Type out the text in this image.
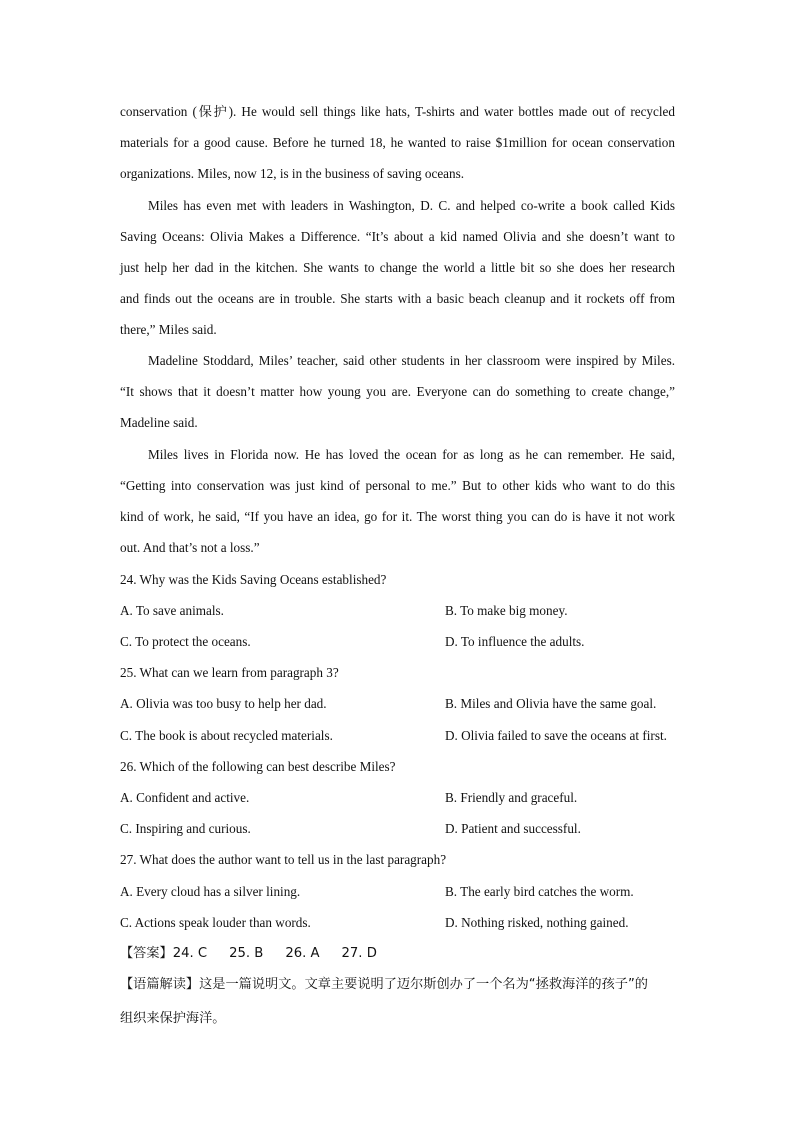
conservation (保护). He would sell things like hats, T-shirts and water bottles made out of recycled
materials for a good cause. Before he turned 18, he wanted to raise $1million for ocean conservation
organizations. Miles, now 12, is in the business of saving oceans.
Miles has even met with leaders in Washington, D. C. and helped co-write a book called Kids
Saving Oceans: Olivia Makes a Difference. “It’s about a kid named Olivia and she doesn’t want to
just help her dad in the kitchen. She wants to change the world a little bit so she does her research
and finds out the oceans are in trouble. She starts with a basic beach cleanup and it rockets off from
there,” Miles said.
Madeline Stoddard, Miles’ teacher, said other students in her classroom were inspired by Miles.
“It shows that it doesn’t matter how young you are. Everyone can do something to create change,”
Madeline said.
Miles lives in Florida now. He has loved the ocean for as long as he can remember. He said,
“Getting into conservation was just kind of personal to me.” But to other kids who want to do this
kind of work, he said, “If you have an idea, go for it. The worst thing you can do is have it not work
out. And that’s not a loss.”
24. Why was the Kids Saving Oceans established?
A. To save animals.	B. To make big money.
C. To protect the oceans.	D. To influence the adults.
25. What can we learn from paragraph 3?
A. Olivia was too busy to help her dad.	B. Miles and Olivia have the same goal.
C. The book is about recycled materials.	D. Olivia failed to save the oceans at first.
26. Which of the following can best describe Miles?
A. Confident and active.	B. Friendly and graceful.
C. Inspiring and curious.	D. Patient and successful.
27. What does the author want to tell us in the last paragraph?
A. Every cloud has a silver lining.	B. The early bird catches the worm.
C. Actions speak louder than words.	D. Nothing risked, nothing gained.
【答案】24. C 25. B 26. A 27. D
【语篇解读】这是一篇说明文。文章主要说明了迈尔斯创办了一个名为“拯救海洋的孩子”的
组织来保护海洋。
